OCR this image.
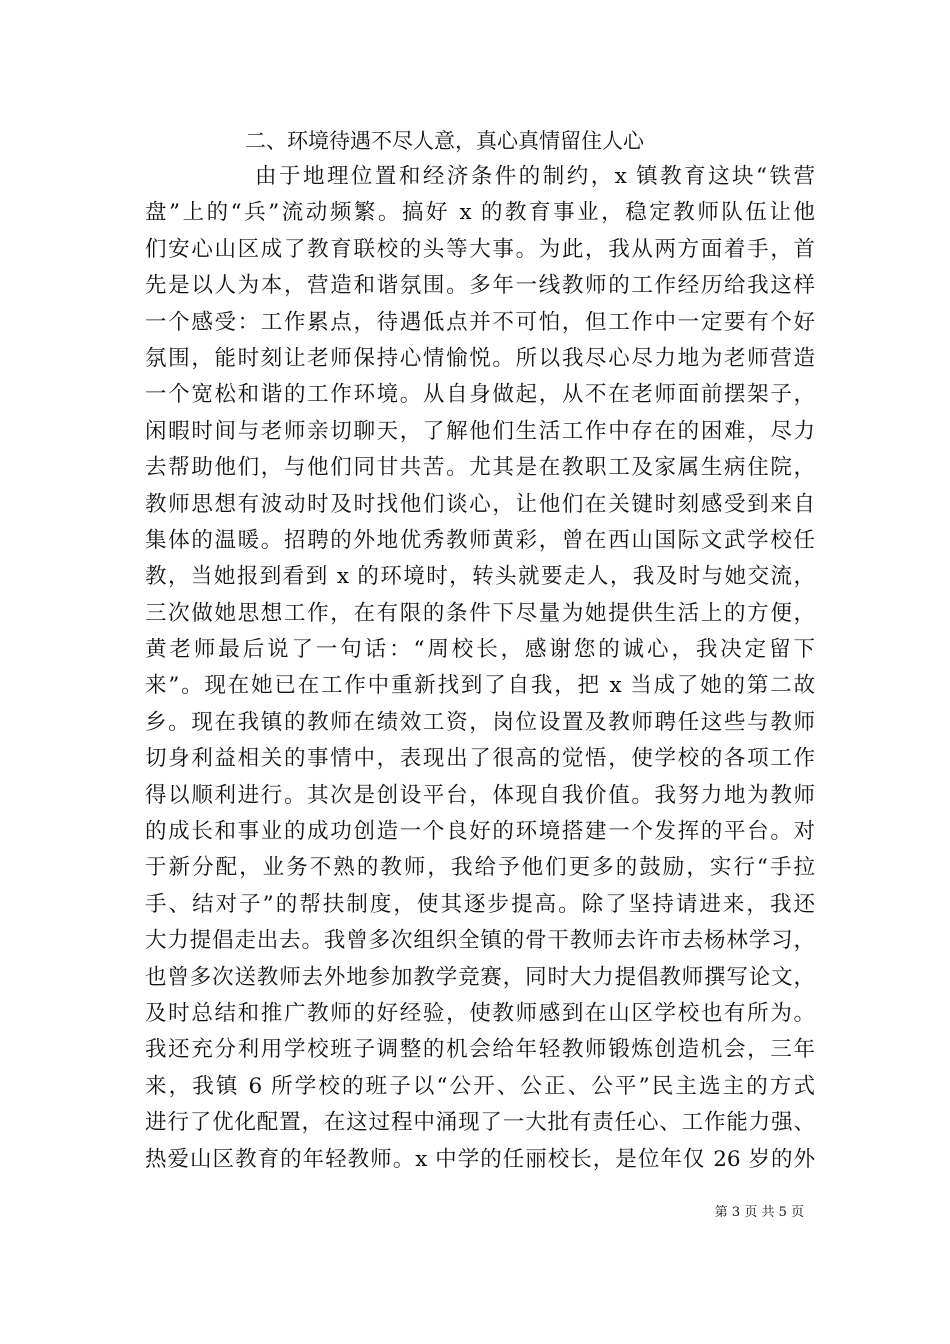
二、环境待遇不尽人意，真心真情留住人心
由于地理位置和经济条件的制约，x 镇教育这块“铁营
盘”上的“兵”流动频繁。搞好 x 的教育事业，稳定教师队伍让他
们安心山区成了教育联校的头等大事。为此，我从两方面着手，首
先是以人为本，营造和谐氛围。多年一线教师的工作经历给我这样
一个感受：工作累点，待遇低点并不可怕，但工作中一定要有个好
氛围，能时刻让老师保持心情愉悦。所以我尽心尽力地为老师营造
一个宽松和谐的工作环境。从自身做起，从不在老师面前摆架子，
闲暇时间与老师亲切聊天，了解他们生活工作中存在的困难，尽力
去帮助他们，与他们同甘共苦。尤其是在教职工及家属生病住院，
教师思想有波动时及时找他们谈心，让他们在关键时刻感受到来自
集体的温暖。招聘的外地优秀教师黄彩，曾在西山国际文武学校任
教，当她报到看到 x 的环境时，转头就要走人，我及时与她交流，
三次做她思想工作，在有限的条件下尽量为她提供生活上的方便，
黄老师最后说了一句话：“周校长，感谢您的诚心，我决定留下
来”。现在她已在工作中重新找到了自我，把 x 当成了她的第二故
乡。现在我镇的教师在绩效工资，岗位设置及教师聘任这些与教师
切身利益相关的事情中，表现出了很高的觉悟，使学校的各项工作
得以顺利进行。其次是创设平台，体现自我价值。我努力地为教师
的成长和事业的成功创造一个良好的环境搭建一个发挥的平台。对
于新分配，业务不熟的教师，我给予他们更多的鼓励，实行“手拉
手、结对子”的帮扶制度，使其逐步提高。除了坚持请进来，我还
大力提倡走出去。我曾多次组织全镇的骨干教师去许市去杨林学习，
也曾多次送教师去外地参加教学竞赛，同时大力提倡教师撰写论文，
及时总结和推广教师的好经验，使教师感到在山区学校也有所为。
我还充分利用学校班子调整的机会给年轻教师锻炼创造机会，三年
来，我镇 6 所学校的班子以“公开、公正、公平”民主选主的方式
进行了优化配置，在这过程中涌现了一大批有责任心、工作能力强、
热爱山区教育的年轻教师。x 中学的任丽校长，是位年仅 26 岁的外
第 3 页 共 5 页
